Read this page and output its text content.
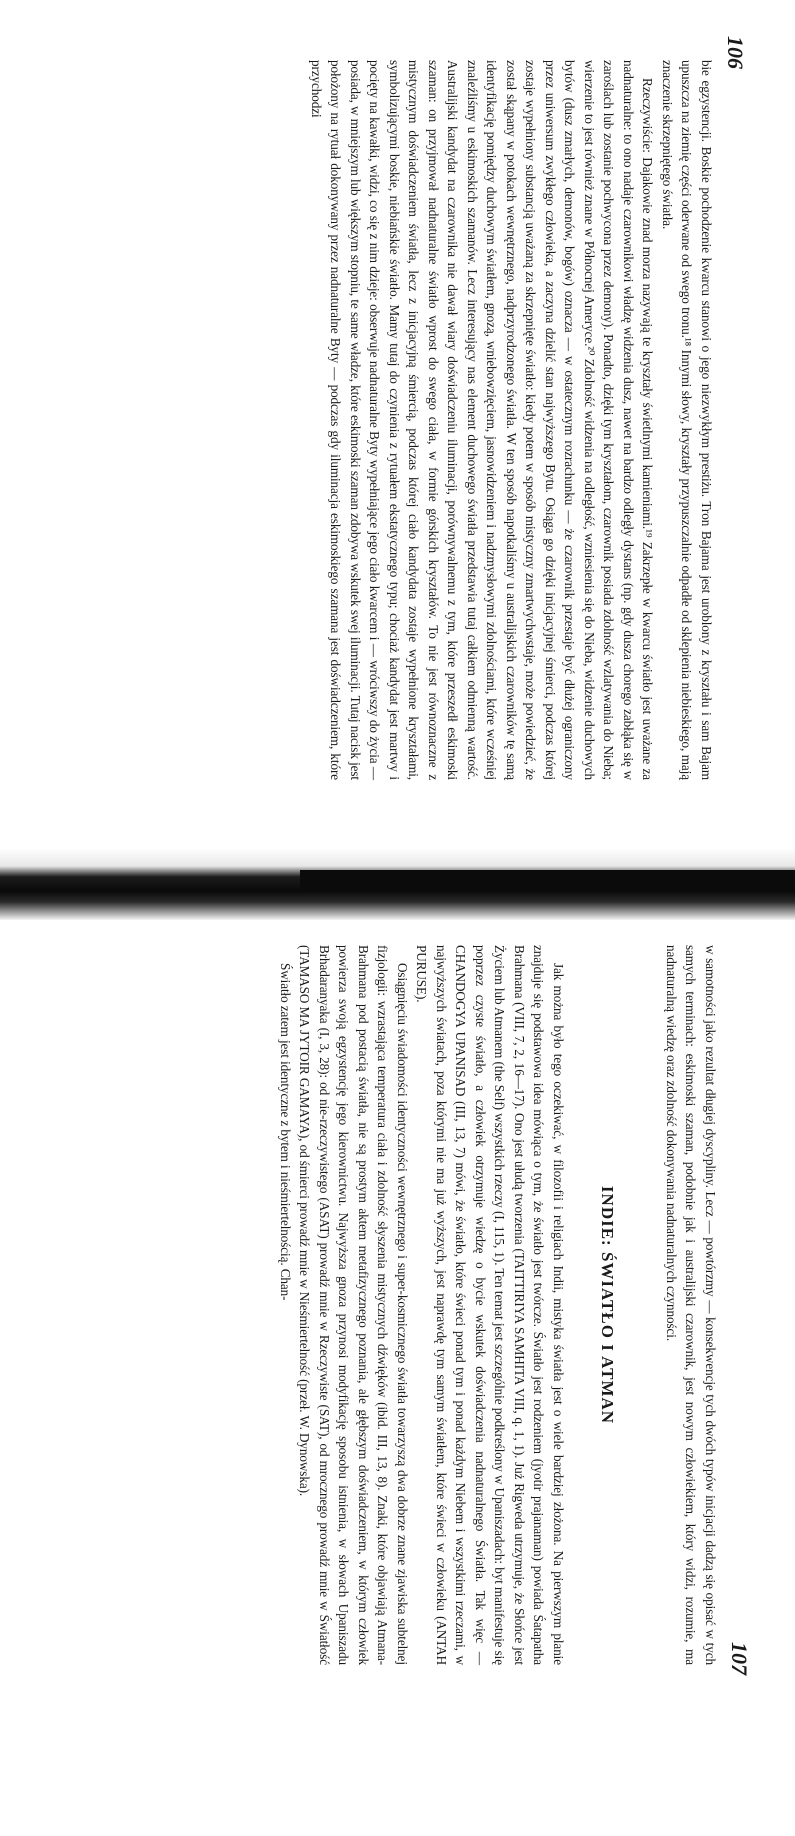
106

bie egzystencji. Boskie pochodzenie kwarcu stanowi o jego niezwykłym prestiżu. Tron Bajama jest uroblony z kryształu i sam Bajam upuszcza na ziemię części oderwane od swego tronu.¹⁸ Innymi słowy, kryształy przypuszczalnie odpadłe od sklepienia niebieskiego, mają znaczenie skrzepniętego światła.

Rzeczywiście: Dajakowie znad morza nazywają te kryształy świetlnymi kamieniami.¹⁹ Zakrzepłe w kwarcu światło jest uważane za nadnaturalne: to ono nadaje czarownikowi władzę widzenia dusz, nawet na bardzo odległy dystans (np. gdy dusza chorego zabłąka się w zaroślach lub zostanie pochwycona przez demony). Ponadto, dzięki tym kryształom, czarownik posiada zdolność wzlatywania do Nieba; wierzenie to jest również znane w Północnej Ameryce.²⁰ Zdolność widzenia na odległość, wzniesienia się do Nieba, widzenie duchowych bytów (dusz zmarłych, demonów, bogów) oznacza — w ostatecznym rozrachunku — że czarownik przestaje być dłużej ograniczony przez uniwersum zwykłego człowieka, a zaczyna dzielić stan najwyższego Bytu. Osiąga go dzięki inicjacyjnej śmierci, podczas której zostaje wypełniony substancją uważaną za skrzepnięte światło: kiedy potem w sposób mistyczny zmartwychwstaje, może powiedzieć, że został skąpany w potokach wewnętrznego, nadprzyrodzonego światła. W ten sposób napotkaliśmy u australijskich czarowników tę samą identyfikację pomiędzy duchowym światłem, gnozą, wniebowzięciem, jasnowidzeniem i nadzmysłowymi zdolnościami, które wcześniej znaleźliśmy u eskimoskich szamanów. Lecz interesujący nas element duchowego światła przedstawia tutaj całkiem odmienną wartość. Australijski kandydat na czarownika nie dawał wiary doświadczeniu iluminacji, porównywalnemu z tym, które przeszedł eskimoski szaman: on przyjmował nadnaturalne światło wprost do swego ciała, w formie górskich kryształów. To nie jest równoznaczne z mistycznym doświadczeniem światła, lecz z inicjacyjną śmiercią, podczas której ciało kandydata zostaje wypełnione kryształami, symbolizującymi boskie, niebiańskie światło. Mamy tutaj do czynienia z rytuałem ekstatycznego typu; chociaż kandydat jest martwy i pocięty na kawałki, widzi, co się z nim dzieje: obserwuje nadnaturalne Byty wypełniające jego ciało kwarcem i — wróciwszy do życia — posiada, w mniejszym lub większym stopniu, te same władze, które eskimoski szaman zdobywa wskutek swej iluminacji. Tutaj nacisk jest położony na rytuał dokonywany przez nadnaturalne Byty — podczas gdy iluminacja eskimoskiego szamana jest doświadczeniem, które przychodzi

107

w samotności jako rezultat długiej dyscypliny. Lecz — powtórzmy — konsekwencje tych dwóch typów inicjacji dadzą się opisać w tych samych terminach: eskimoski szaman, podobnie jak i australijski czarownik, jest nowym człowiekiem, który widzi, rozumie, ma nadnaturalną wiedzę oraz zdolność dokonywania nadnaturalnych czynności.

INDIE: ŚWIATŁO I ATMAN

Jak można było tego oczekiwać, w filozofii i religiach Indii, mistyka światła jest o wiele bardziej złożona. Na pierwszym planie znajduje się podstawowa idea mówiąca o tym, że światło jest twórcze. Światło jest rodzeniem (jyotir prajanaman) powiada Śatapatha Brahmana (VIII, 7, 2, 16—17). Ono jest ułudą tworzenia (TAITTIRIYA SAMHITA VIII, q. 1, 1). Już Rigweda utrzymuje, że Słońce jest Życiem lub Atmanem (the Self) wszystkich rzeczy (I, 115, 1). Ten temat jest szczególnie podkreślony w Upaniszadach: byt manifestuje się poprzez czyste światło, a człowiek otrzymuje wiedzę o bycie wskutek doświadczenia nadnaturalnego Światła. Tak więc — CHANDOGYA UPANISAD (III, 13, 7) mówi, że światło, które świeci ponad tym i ponad każdym Niebem i wszystkimi rzeczami, w najwyższych światach, poza którymi nie ma już wyższych, jest naprawdę tym samym światłem, które świeci w człowieku (ANTAH PURUSE).

Osiągnięciu świadomości identyczności wewnętrznego i super-kosmicznego światła towarzyszą dwa dobrze znane zjawiska subtelnej fizjologii: wzrastająca temperatura ciała i zdolność słyszenia mistycznych dźwięków (ibid. III, 13, 8). Znaki, które objawiają Atmana-Brahmana pod postacią światła, nie są prostym aktem metafizycznego poznania, ale głębszym doświadczeniem, w którym człowiek powierza swoją egzystencję jego kierownictwu. Najwyższa gnoza przynosi modyfikację sposobu istnienia, w słowach Upaniszadu Brhadaranyaka (I, 3, 28): od nie-rzeczywistego (ASAT) prowadź mnie w Rzeczywiste (SAT), od mrocznego prowadź mnie w Światłość (TAMASO MA JYTOIR GAMAYA), od śmierci prowadź mnie w Nieśmiertelność (przeł. W. Dynowska).

Światło zatem jest identyczne z bytem i nieśmiertelnością. Chan-
